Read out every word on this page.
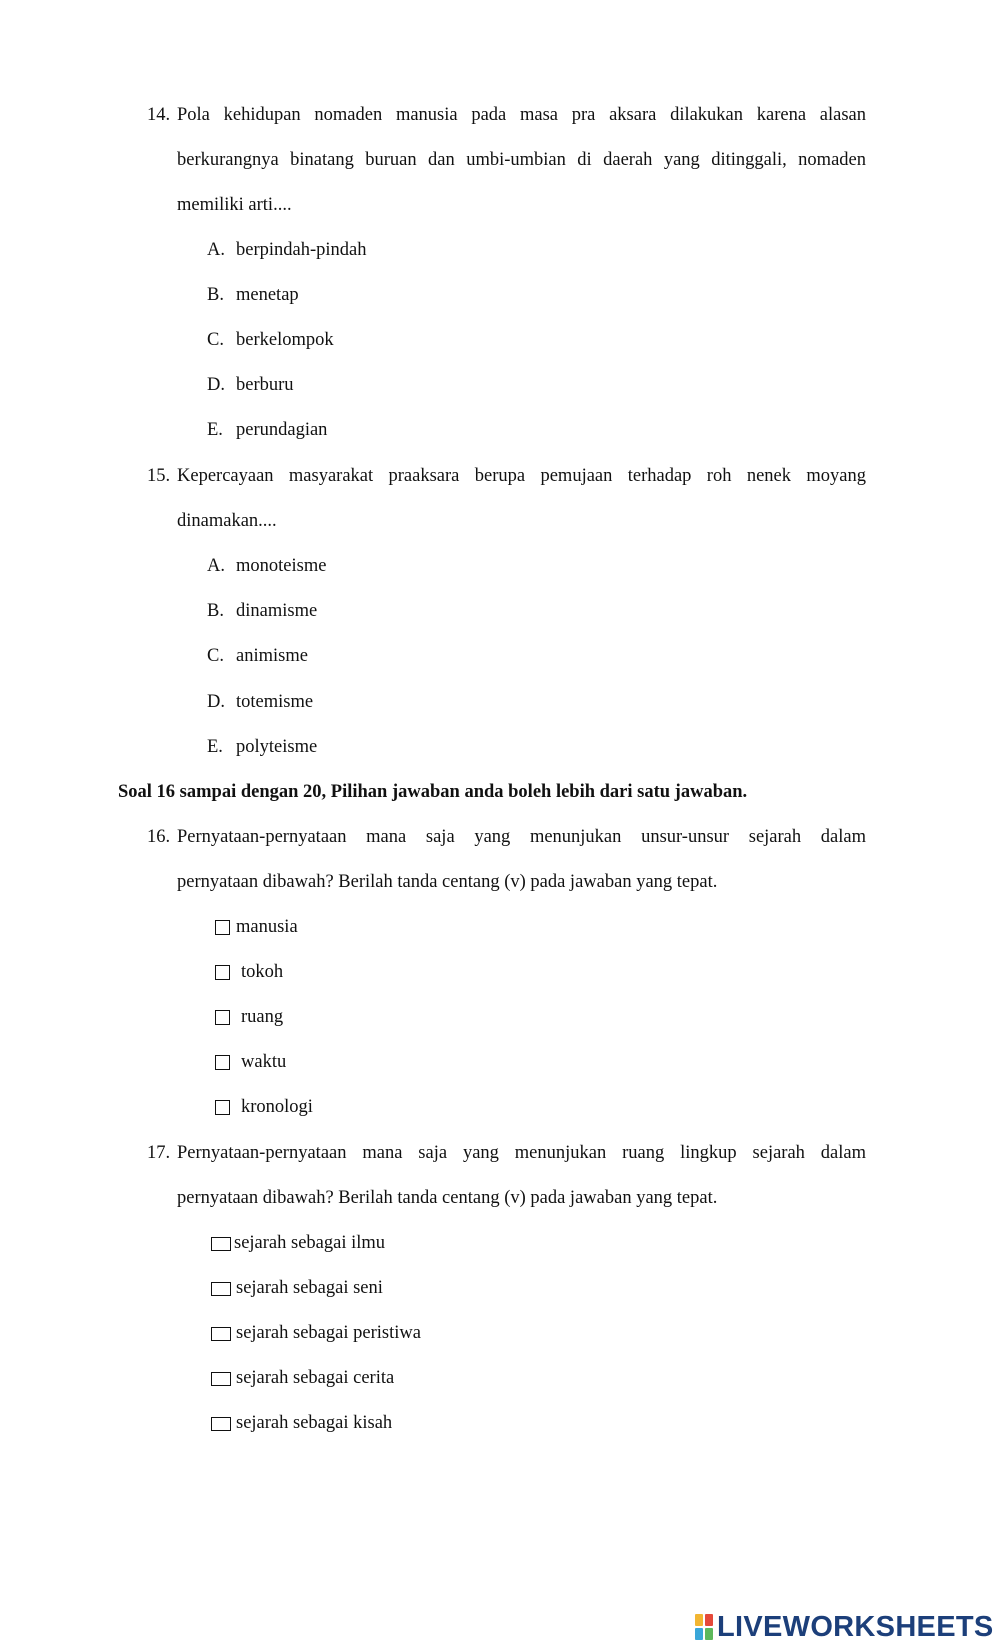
14. Pola kehidupan nomaden manusia pada masa pra aksara dilakukan karena alasan
berkurangnya binatang buruan dan umbi-umbian di daerah yang ditinggali, nomaden
memiliki arti....
A. berpindah-pindah
B. menetap
C. berkelompok
D. berburu
E. perundagian
15. Kepercayaan masyarakat praaksara berupa pemujaan terhadap roh nenek moyang
dinamakan....
A. monoteisme
B. dinamisme
C. animisme
D. totemisme
E. polyteisme
Soal 16 sampai dengan 20, Pilihan jawaban anda boleh lebih dari satu jawaban.
16. Pernyataan-pernyataan mana saja yang menunjukan unsur-unsur sejarah dalam
pernyataan dibawah? Berilah tanda centang (v) pada jawaban yang tepat.
manusia
tokoh
ruang
waktu
kronologi
17. Pernyataan-pernyataan mana saja yang menunjukan ruang lingkup sejarah dalam
pernyataan dibawah? Berilah tanda centang (v) pada jawaban yang tepat.
sejarah sebagai ilmu
sejarah sebagai seni
sejarah sebagai peristiwa
sejarah sebagai cerita
sejarah sebagai kisah
LIVEWORKSHEETS
